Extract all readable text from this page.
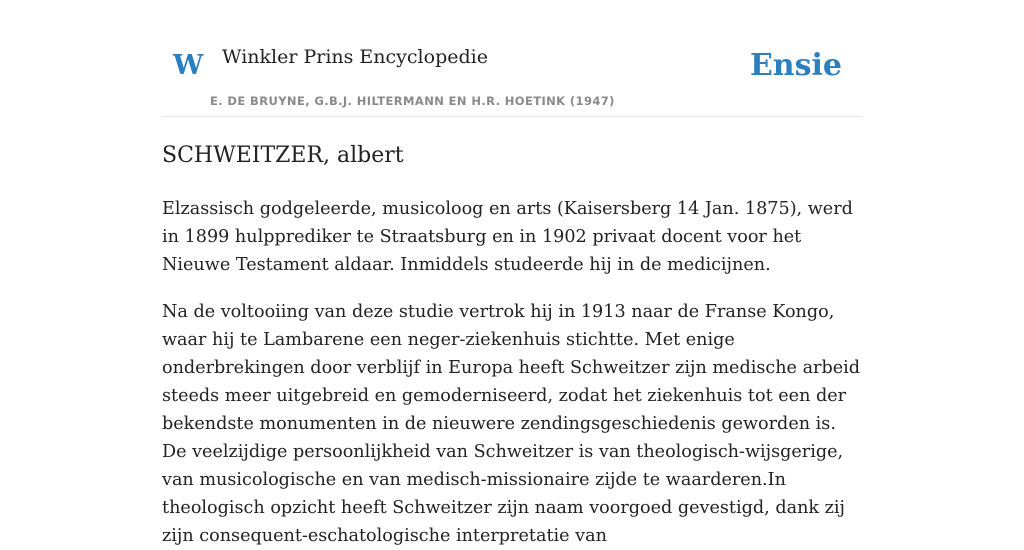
W Winkler Prins Encyclopedie
E. DE BRUYNE, G.B.J. HILTERMANN EN H.R. HOETINK (1947)
Ensie
SCHWEITZER, albert

Elzassisch godgeleerde, musicoloog en arts (Kaisersberg 14 Jan. 1875), werd in 1899 hulpprediker te Straatsburg en in 1902 privaat docent voor het Nieuwe Testament aldaar. Inmiddels studeerde hij in de medicijnen.

Na de voltooiing van deze studie vertrok hij in 1913 naar de Franse Kongo, waar hij te Lambarene een neger-ziekenhuis stichtte. Met enige onderbrekingen door verblijf in Europa heeft Schweitzer zijn medische arbeid steeds meer uitgebreid en gemoderniseerd, zodat het ziekenhuis tot een der bekendste monumenten in de nieuwere zendingsgeschiedenis geworden is. De veelzijdige persoonlijkheid van Schweitzer is van theologisch-wijsgerige, van musicologische en van medisch-missionaire zijde te waarderen.In theologisch opzicht heeft Schweitzer zijn naam voorgoed gevestigd, dank zij zijn consequent-eschatologische interpretatie van
